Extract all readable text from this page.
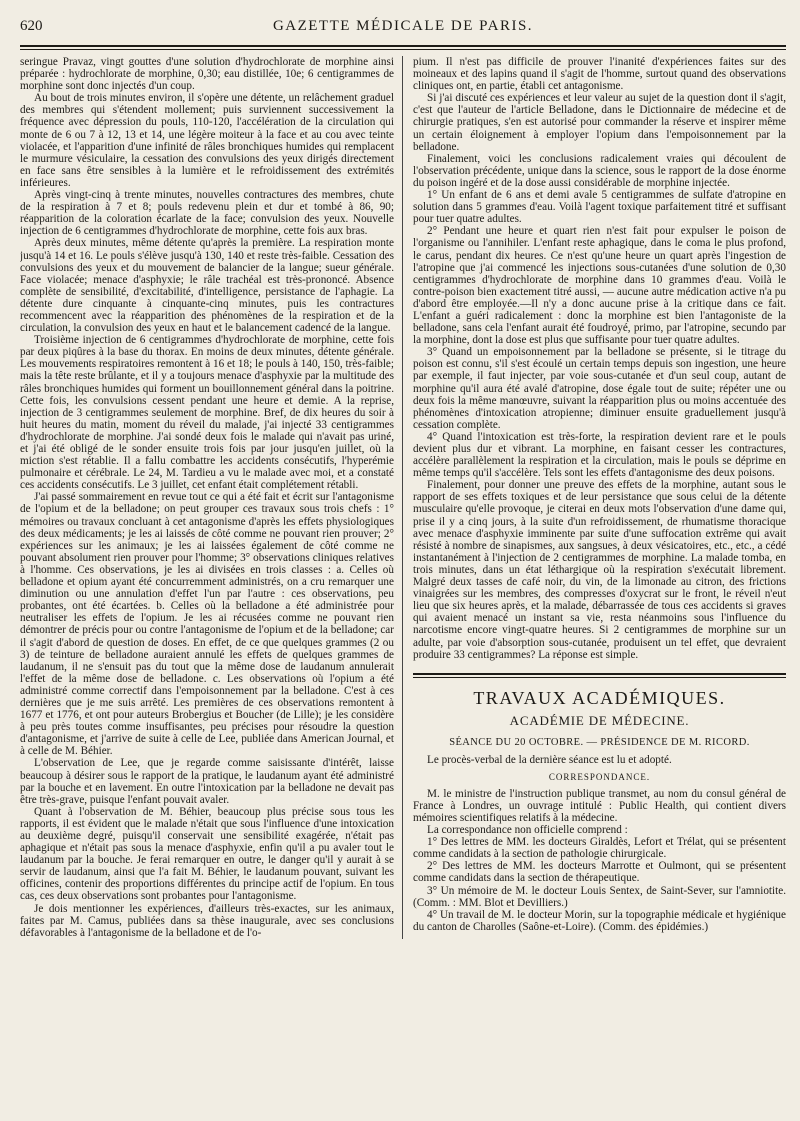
620	GAZETTE MÉDICALE DE PARIS.

seringue Pravaz, vingt gouttes d'une solution d'hydrochlorate de morphine ainsi préparée : hydrochlorate de morphine, 0,30; eau distillée, 10e; 6 centigrammes de morphine sont donc injectés d'un coup.

Au bout de trois minutes environ, il s'opère une détente, un relâchement graduel des membres qui s'étendent mollement; puis surviennent successivement la fréquence avec dépression du pouls, 110-120, l'accélération de la circulation qui monte de 6 ou 7 à 12, 13 et 14, une légère moiteur à la face et au cou avec teinte violacée, et l'apparition d'une infinité de râles bronchiques humides qui remplacent le murmure vésiculaire, la cessation des convulsions des yeux dirigés directement en face sans être sensibles à la lumière et le refroidissement des extrémités inférieures.

Après vingt-cinq à trente minutes, nouvelles contractures des membres, chute de la respiration à 7 et 8; pouls redevenu plein et dur et tombé à 86, 90; réapparition de la coloration écarlate de la face; convulsion des yeux. Nouvelle injection de 6 centigrammes d'hydrochlorate de morphine, cette fois aux bras.

Après deux minutes, même détente qu'après la première. La respiration monte jusqu'à 14 et 16. Le pouls s'élève jusqu'à 130, 140 et reste très-faible. Cessation des convulsions des yeux et du mouvement de balancier de la langue; sueur générale. Face violacée; menace d'asphyxie; le râle trachéal est très-prononcé. Absence complète de sensibilité, d'excitabilité, d'intelligence, persistance de l'aphagie. La détente dure cinquante à cinquante-cinq minutes, puis les contractures recommencent avec la réapparition des phénomènes de la respiration et de la circulation, la convulsion des yeux en haut et le balancement cadencé de la langue.

Troisième injection de 6 centigrammes d'hydrochlorate de morphine, cette fois par deux piqûres à la base du thorax. En moins de deux minutes, détente générale. Les mouvements respiratoires remontent à 16 et 18; le pouls à 140, 150, très-faible; mais la tête reste brûlante, et il y a toujours menace d'asphyxie par la multitude des râles bronchiques humides qui forment un bouillonnement général dans la poitrine. Cette fois, les convulsions cessent pendant une heure et demie. A la reprise, injection de 3 centigrammes seulement de morphine. Bref, de dix heures du soir à huit heures du matin, moment du réveil du malade, j'ai injecté 33 centigrammes d'hydrochlorate de morphine. J'ai sondé deux fois le malade qui n'avait pas uriné, et j'ai été obligé de le sonder ensuite trois fois par jour jusqu'en juillet, où la miction s'est rétablie. Il a fallu combattre les accidents consécutifs, l'hyperémie pulmonaire et cérébrale. Le 24, M. Tardieu a vu le malade avec moi, et a constaté ces accidents consécutifs. Le 3 juillet, cet enfant était complétement rétabli.

J'ai passé sommairement en revue tout ce qui a été fait et écrit sur l'antagonisme de l'opium et de la belladone; on peut grouper ces travaux sous trois chefs : 1° mémoires ou travaux concluant à cet antagonisme d'après les effets physiologiques des deux médicaments; je les ai laissés de côté comme ne pouvant rien prouver; 2° expériences sur les animaux; je les ai laissées également de côté comme ne pouvant absolument rien prouver pour l'homme; 3° observations cliniques relatives à l'homme. Ces observations, je les ai divisées en trois classes : a. Celles où belladone et opium ayant été concurremment administrés, on a cru remarquer une diminution ou une annulation d'effet l'un par l'autre : ces observations, peu probantes, ont été écartées. b. Celles où la belladone a été administrée pour neutraliser les effets de l'opium. Je les ai récusées comme ne pouvant rien démontrer de précis pour ou contre l'antagonisme de l'opium et de la belladone; car il s'agit d'abord de question de doses. En effet, de ce que quelques grammes (2 ou 3) de teinture de belladone auraient annulé les effets de quelques grammes de laudanum, il ne s'ensuit pas du tout que la même dose de laudanum annulerait l'effet de la même dose de belladone. c. Les observations où l'opium a été administré comme correctif dans l'empoisonnement par la belladone. C'est à ces dernières que je me suis arrêté. Les premières de ces observations remontent à 1677 et 1776, et ont pour auteurs Brobergius et Boucher (de Lille); je les considère à peu près toutes comme insuffisantes, peu précises pour résoudre la question d'antagonisme, et j'arrive de suite à celle de Lee, publiée dans American Journal, et à celle de M. Béhier.

L'observation de Lee, que je regarde comme saisissante d'intérêt, laisse beaucoup à désirer sous le rapport de la pratique, le laudanum ayant été administré par la bouche et en lavement. En outre l'intoxication par la belladone ne devait pas être très-grave, puisque l'enfant pouvait avaler.

Quant à l'observation de M. Béhier, beaucoup plus précise sous tous les rapports, il est évident que le malade n'était que sous l'influence d'une intoxication au deuxième degré, puisqu'il conservait une sensibilité exagérée, n'était pas aphagique et n'était pas sous la menace d'asphyxie, enfin qu'il a pu avaler tout le laudanum par la bouche. Je ferai remarquer en outre, le danger qu'il y aurait à se servir de laudanum, ainsi que l'a fait M. Béhier, le laudanum pouvant, suivant les officines, contenir des proportions différentes du principe actif de l'opium. En tous cas, ces deux observations sont probantes pour l'antagonisme.

Je dois mentionner les expériences, d'ailleurs très-exactes, sur les animaux, faites par M. Camus, publiées dans sa thèse inaugurale, avec ses conclusions défavorables à l'antagonisme de la belladone et de l'o-

pium. Il n'est pas difficile de prouver l'inanité d'expériences faites sur des moineaux et des lapins quand il s'agit de l'homme, surtout quand des observations cliniques ont, en partie, établi cet antagonisme.

Si j'ai discuté ces expériences et leur valeur au sujet de la question dont il s'agit, c'est que l'auteur de l'article Belladone, dans le Dictionnaire de médecine et de chirurgie pratiques, s'en est autorisé pour commander la réserve et inspirer même un certain éloignement à employer l'opium dans l'empoisonnement par la belladone.

Finalement, voici les conclusions radicalement vraies qui découlent de l'observation précédente, unique dans la science, sous le rapport de la dose énorme du poison ingéré et de la dose aussi considérable de morphine injectée.

1° Un enfant de 6 ans et demi avale 5 centigrammes de sulfate d'atropine en solution dans 5 grammes d'eau. Voilà l'agent toxique parfaitement titré et suffisant pour tuer quatre adultes.

2° Pendant une heure et quart rien n'est fait pour expulser le poison de l'organisme ou l'annihiler. L'enfant reste aphagique, dans le coma le plus profond, le carus, pendant dix heures. Ce n'est qu'une heure un quart après l'ingestion de l'atropine que j'ai commencé les injections sous-cutanées d'une solution de 0,30 centigrammes d'hydrochlorate de morphine dans 10 grammes d'eau. Voilà le contre-poison bien exactement titré aussi, — aucune autre médication active n'a pu d'abord être employée.—Il n'y a donc aucune prise à la critique dans ce fait. L'enfant a guéri radicalement : donc la morphine est bien l'antagoniste de la belladone, sans cela l'enfant aurait été foudroyé, primo, par l'atropine, secundo par la morphine, dont la dose est plus que suffisante pour tuer quatre adultes.

3° Quand un empoisonnement par la belladone se présente, si le titrage du poison est connu, s'il s'est écoulé un certain temps depuis son ingestion, une heure par exemple, il faut injecter, par voie sous-cutanée et d'un seul coup, autant de morphine qu'il aura été avalé d'atropine, dose égale tout de suite; répéter une ou deux fois la même manœuvre, suivant la réapparition plus ou moins accentuée des phénomènes d'intoxication atropienne; diminuer ensuite graduellement jusqu'à cessation complète.

4° Quand l'intoxication est très-forte, la respiration devient rare et le pouls devient plus dur et vibrant. La morphine, en faisant cesser les contractures, accélère parallèlement la respiration et la circulation, mais le pouls se déprime en même temps qu'il s'accélère. Tels sont les effets d'antagonisme des deux poisons.

Finalement, pour donner une preuve des effets de la morphine, autant sous le rapport de ses effets toxiques et de leur persistance que sous celui de la détente musculaire qu'elle provoque, je citerai en deux mots l'observation d'une dame qui, prise il y a cinq jours, à la suite d'un refroidissement, de rhumatisme thoracique avec menace d'asphyxie imminente par suite d'une suffocation extrême qui avait résisté à nombre de sinapismes, aux sangsues, à deux vésicatoires, etc., etc., a cédé instantanément à l'injection de 2 centigrammes de morphine. La malade tomba, en trois minutes, dans un état léthargique où la respiration s'exécutait librement. Malgré deux tasses de café noir, du vin, de la limonade au citron, des frictions vinaigrées sur les membres, des compresses d'oxycrat sur le front, le réveil n'eut lieu que six heures après, et la malade, débarrassée de tous ces accidents si graves qui avaient menacé un instant sa vie, resta néanmoins sous l'influence du narcotisme encore vingt-quatre heures. Si 2 centigrammes de morphine sur un adulte, par voie d'absorption sous-cutanée, produisent un tel effet, que devraient produire 33 centigrammes? La réponse est simple.

TRAVAUX ACADÉMIQUES.
ACADÉMIE DE MÉDECINE.
SÉANCE DU 20 OCTOBRE. — PRÉSIDENCE DE M. RICORD.

Le procès-verbal de la dernière séance est lu et adopté.

CORRESPONDANCE.

M. le ministre de l'instruction publique transmet, au nom du consul général de France à Londres, un ouvrage intitulé : Public Health, qui contient divers mémoires scientifiques relatifs à la médecine.

La correspondance non officielle comprend :

1° Des lettres de MM. les docteurs Giraldès, Lefort et Trélat, qui se présentent comme candidats à la section de pathologie chirurgicale.

2° Des lettres de MM. les docteurs Marrotte et Oulmont, qui se présentent comme candidats dans la section de thérapeutique.

3° Un mémoire de M. le docteur Louis Sentex, de Saint-Sever, sur l'amniotite. (Comm. : MM. Blot et Devilliers.)

4° Un travail de M. le docteur Morin, sur la topographie médicale et hygiénique du canton de Charolles (Saône-et-Loire). (Comm. des épidémies.)
